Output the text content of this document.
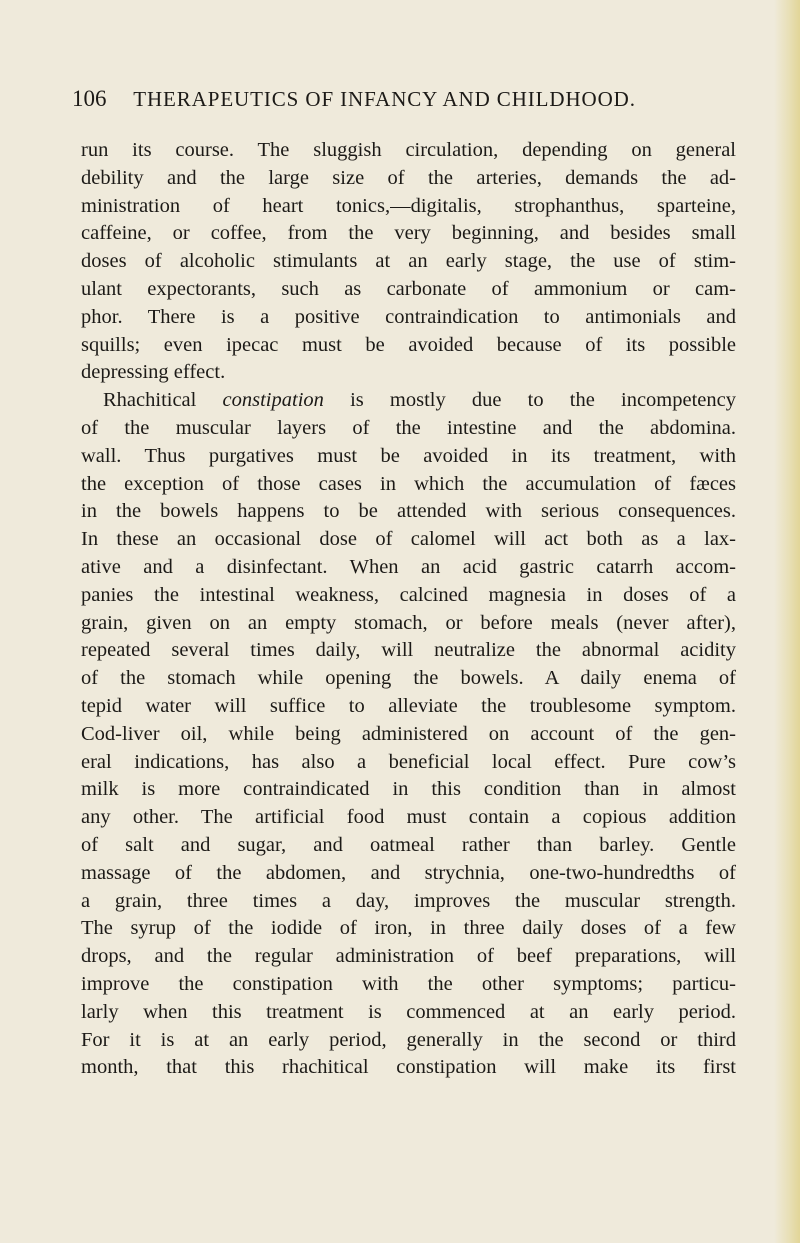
106 THERAPEUTICS OF INFANCY AND CHILDHOOD.
run its course. The sluggish circulation, depending on general
debility and the large size of the arteries, demands the ad-
ministration of heart tonics,—digitalis, strophanthus, sparteine,
caffeine, or coffee, from the very beginning, and besides small
doses of alcoholic stimulants at an early stage, the use of stim-
ulant expectorants, such as carbonate of ammonium or cam-
phor. There is a positive contraindication to antimonials and
squills; even ipecac must be avoided because of its possible
depressing effect.
Rhachitical constipation is mostly due to the incompetency
of the muscular layers of the intestine and the abdomina.
wall. Thus purgatives must be avoided in its treatment, with
the exception of those cases in which the accumulation of fæces
in the bowels happens to be attended with serious consequences.
In these an occasional dose of calomel will act both as a lax-
ative and a disinfectant. When an acid gastric catarrh accom-
panies the intestinal weakness, calcined magnesia in doses of a
grain, given on an empty stomach, or before meals (never after),
repeated several times daily, will neutralize the abnormal acidity
of the stomach while opening the bowels. A daily enema of
tepid water will suffice to alleviate the troublesome symptom.
Cod-liver oil, while being administered on account of the gen-
eral indications, has also a beneficial local effect. Pure cow’s
milk is more contraindicated in this condition than in almost
any other. The artificial food must contain a copious addition
of salt and sugar, and oatmeal rather than barley. Gentle
massage of the abdomen, and strychnia, one-two-hundredths of
a grain, three times a day, improves the muscular strength.
The syrup of the iodide of iron, in three daily doses of a few
drops, and the regular administration of beef preparations, will
improve the constipation with the other symptoms; particu-
larly when this treatment is commenced at an early period.
For it is at an early period, generally in the second or third
month, that this rhachitical constipation will make its first
